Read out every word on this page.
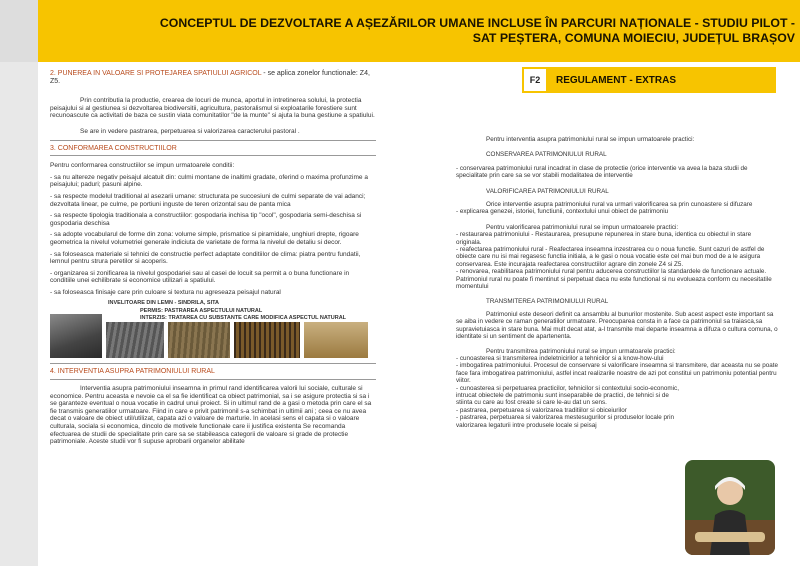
CONCEPTUL DE DEZVOLTARE A AȘEZĂRILOR UMANE INCLUSE ÎN PARCURI NAȚIONALE - STUDIU PILOT -
SAT PEȘTERA, COMUNA MOIECIU, JUDEȚUL BRAȘOV
2. PUNEREA IN VALOARE SI PROTEJAREA SPATIULUI AGRICOL - se aplica zonelor functionale: Z4, Z5.

Prin contributia la productie, crearea de locuri de munca, aportul in intretinerea solului, la protectia peisajului si al gestiunea si dezvoltarea biodiversitii, agricultura, pastoralismul si exploatarile forestiere sunt recunoascute ca activitati de baza ce sustin viata comunitatilor "de la munte" si ajuta la buna gestiune a spatiului.

Se are in vedere pastrarea, perpetuarea si valorizarea caracterului pastoral .

3. CONFORMAREA CONSTRUCTIILOR

Pentru conformarea constructiilor se impun urmatoarele conditii:

- sa nu altereze negativ peisajul alcatuit din: culmi montane de inaltimi gradate, oferind o maxima profunzime a peisajului; paduri; pasuni alpine.

- sa respecte modelul traditional al asezarii umane: structurata pe succesiuni de culmi separate de vai adanci; dezvoltata linear, pe culme, pe portiuni inguste de teren orizontal sau de panta mica

- sa respecte tipologia traditionala a constructiilor: gospodaria inchisa tip "ocol", gospodaria semi-deschisa si gospodaria deschisa

- sa adopte vocabularul de forme din zona: volume simple, prismatice si piramidale, unghiuri drepte, rigoare geometrica la nivelul volumetriei generale indiciuta de varietate de forma la nivelul de detaliu si decor.

- sa foloseasca materiale si tehnici de constructie perfect adaptate conditiilor de clima: piatra pentru fundatii, lemnul pentru strura peretilor si acoperis.

- organizarea si zonificarea la nivelul gospodariei sau al casei de locuit sa permit a o buna functionare in conditiile unei echilibrate si economice utilizari a spatiului.

- sa foloseasca finisaje care prin culoare si textura nu agreseaza peisajul natural

INVELITOARE DIN LEMN - SINDRILA, SITA
PERMIS: PASTRAREA ASPECTULUI NATURAL
INTERZIS: TRATAREA CU SUBSTANTE CARE MODIFICA ASPECTUL NATURAL
4. INTERVENTIA ASUPRA PATRIMONIULUI RURAL

Interventia asupra patrimoniului inseamna in primul rand identificarea valorii lui sociale, culturale si economice. Pentru aceasta e nevoie ca el sa fie identificat ca obiect patrimonial, sa i se asigure protectia si sa i se garanteze eventual o noua vocatie in cadrul unui proiect. Si in ultimul rand de a gasi o metoda prin care el sa fie transmis generatiilor urmatoare. Fiind in care e privit patrimonil s-a schimbat in ultimii ani ; ceea ce nu avea decat o valoare de obiect util/utilizat, capata azi o valoare de marturie. In acelasi sens el capata si o valoare culturala, sociala si economica, dincolo de motivele functionale care ii justifica existenta Se recomanda efectuarea de studii de specialitate prin care sa se stabileasca categorii de valoare si grade de protectie patrimoniale. Aceste studii vor fi supuse aprobarii organelor abilitate

F2	REGULAMENT - EXTRAS

Pentru interventia asupra patrimoniului rural se impun urmatoarele practici:

CONSERVAREA PATRIMONIULUI RURAL

- conservarea patrimoniului rural incadrat in clase de protectie (orice interventie va avea la baza studii de specialitate prin care sa se vor stabili modalitatea de interventie

VALORIFICAREA PATRIMONIULUI RURAL

Orice interventie asupra patrimoniului rural va urmari valorificarea sa prin cunoastere si difuzare

- explicarea genezei, istoriei, functiunii, contextului unui obiect de patrimoniu

Pentru valorificarea patrimoniului rural se impun urmatoarele practici:

- restaurarea patrimoniului - Restaurarea, presupune repunerea in stare buna, identica cu obiectul in stare originala.

- reafectarea patrimoniului rural - Reafectarea inseamna inzestrarea cu o noua functie. Sunt cazuri de astfel de obiecte care nu isi mai regasesc functia initiala, a le gasi o noua vocatie este cel mai bun mod de a le asigura conservarea. Este incurajata reafectarea constructiilor agrare din zonele Z4 si Z5.

- renovarea, reabilitarea patrimoniului rural pentru aducerea constructiilor la standardele de functionare actuale. Patrimoniul rural nu poate fi mentinut si perpetuat daca nu este functional si nu evolueaza conform cu necesitatile momentului

TRANSMITEREA PATRIMONIULUI RURAL

Patrimoniul este deseori definit ca ansamblu al bunurilor mostenite. Sub acest aspect este important sa se aiba in vedere ce raman generatiilor urmatoare. Preocuparea consta in a face ca patrimoniul sa traiasca,sa supravietuiasca in stare buna. Mai mult decat atat, a-l transmite mai departe inseamna a difuza o cultura comuna, o identitate si un sentiment de apartenenta.

Pentru transmitrea patrimoniului rural se impun urmatoarele practici:

- cunoasterea si transmiterea indeletnicirilor a tehnicilor si a know-how-ului

- imbogatirea patrimoniului. Procesul de conservare si valorificare inseamna si transmitere, dar aceasta nu se poate face fara imbogatirea patrimoniului, astfel incat realizarile noastre de azi pot constitui un patrimoniu potential pentru viitor.

- cunoasterea si perpetuarea practicilor, tehnicilor si contextului socio-economic, intrucat obiectele de patrimoniu sunt inseparabile de practici, de tehnici si de stiinta cu care au fost create si care le-au dat un sens.

- pastrarea, perpetuarea si valorizarea traditiilor si obiceiurilor

- pastrarea, perpetuarea si valorizarea mestesugurilor si produselor locale prin valorizarea legaturii intre produsele locale si peisaj
